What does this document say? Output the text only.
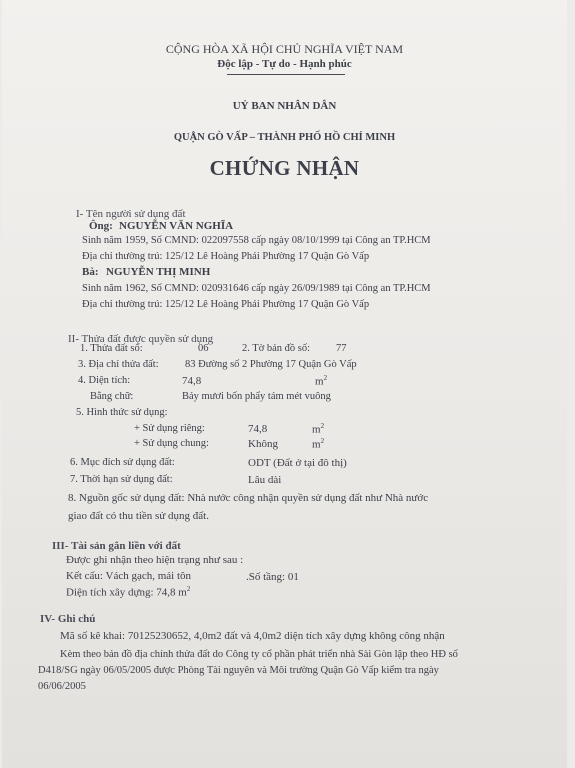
CỘNG HÒA XÃ HỘI CHỦ NGHĨA VIỆT NAM
Độc lập - Tự do - Hạnh phúc
UỶ BAN NHÂN DÂN
QUẬN GÒ VẤP – THÀNH PHỐ HỒ CHÍ MINH
CHỨNG NHẬN
I- Tên người sử dụng đất
Ông: NGUYỄN VĂN NGHĨA
Sinh năm 1959, Số CMND: 022097558 cấp ngày 08/10/1999 tại Công an TP.HCM
Địa chỉ thường trú: 125/12 Lê Hoàng Phái Phường 17 Quận Gò Vấp
Bà: NGUYỄN THỊ MINH
Sinh năm 1962, Số CMND: 020931646 cấp ngày 26/09/1989 tại Công an TP.HCM
Địa chỉ thường trú: 125/12 Lê Hoàng Phái Phường 17 Quận Gò Vấp
II- Thửa đất được quyền sử dụng
1. Thửa đất số:	06	2. Tờ bản đồ số: 77
3. Địa chỉ thửa đất:	83 Đường số 2 Phường 17 Quận Gò Vấp
4. Diện tích:	74,8	$m^2$
Bằng chữ:	Bảy mươi bốn phẩy tám mét vuông
5. Hình thức sử dụng:
+ Sử dụng riêng:	74,8	$m^2$
+ Sử dụng chung:	Không	$m^2$
6. Mục đích sử dụng đất:	ODT (Đất ở tại đô thị)
7. Thời hạn sử dụng đất:	Lâu dài
8. Nguồn gốc sử dụng đất: Nhà nước công nhận quyền sử dụng đất như Nhà nước
giao đất có thu tiền sử dụng đất.
III- Tài sản gắn liền với đất
Được ghi nhận theo hiện trạng như sau :
Kết cấu: Vách gạch, mái tôn	.Số tầng: 01
Diện tích xây dựng: 74,8 $m^2$
IV- Ghi chú
Mã số kê khai: 70125230652, 4,0m2 đất và 4,0m2 diện tích xây dựng không công nhận
Kèm theo bản đồ địa chính thửa đất do Công ty cổ phần phát triển nhà Sài Gòn lập theo HĐ số
D418/SG ngày 06/05/2005 được Phòng Tài nguyên và Môi trường Quận Gò Vấp kiểm tra ngày
06/06/2005
